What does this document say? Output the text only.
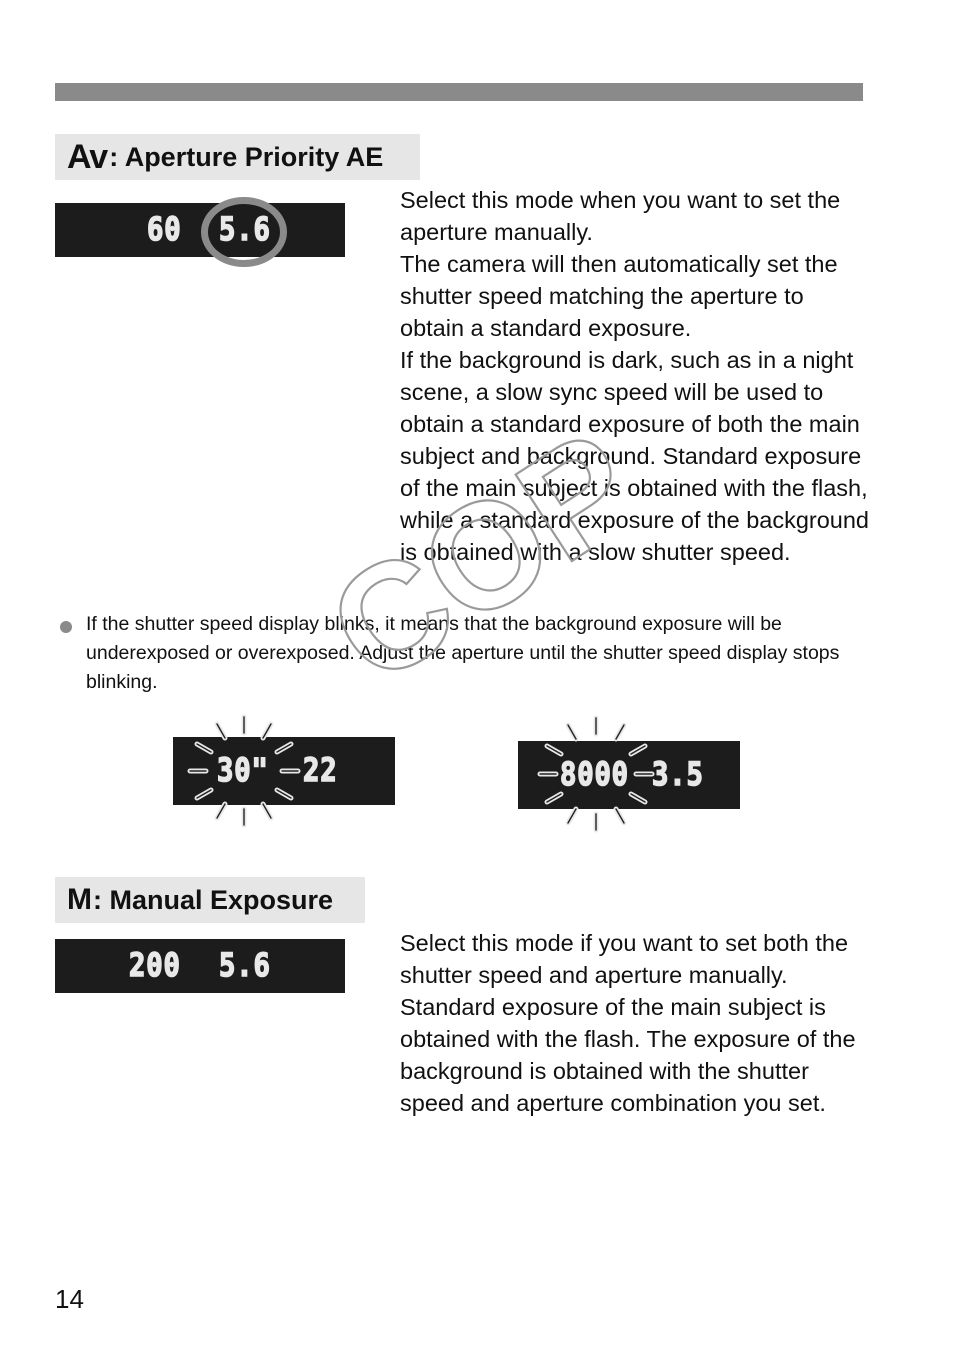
Av : Aperture Priority AE
60 5.6

Select this mode when you want to set the aperture manually.

The camera will then automatically set the shutter speed matching the aperture to obtain a standard exposure.

If the background is dark, such as in a night scene, a slow sync speed will be used to obtain a standard exposure of both the main subject and background. Standard exposure of the main subject is obtained with the flash, while a standard exposure of the background is obtained with a slow shutter speed.

If the shutter speed display blinks, it means that the background exposure will be underexposed or overexposed. Adjust the aperture until the shutter speed display stops blinking.
30" 22	8000 3.5
COPY
M : Manual Exposure
200 5.6

Select this mode if you want to set both the shutter speed and aperture manually. Standard exposure of the main subject is obtained with the flash. The exposure of the background is obtained with the shutter speed and aperture combination you set.

14
